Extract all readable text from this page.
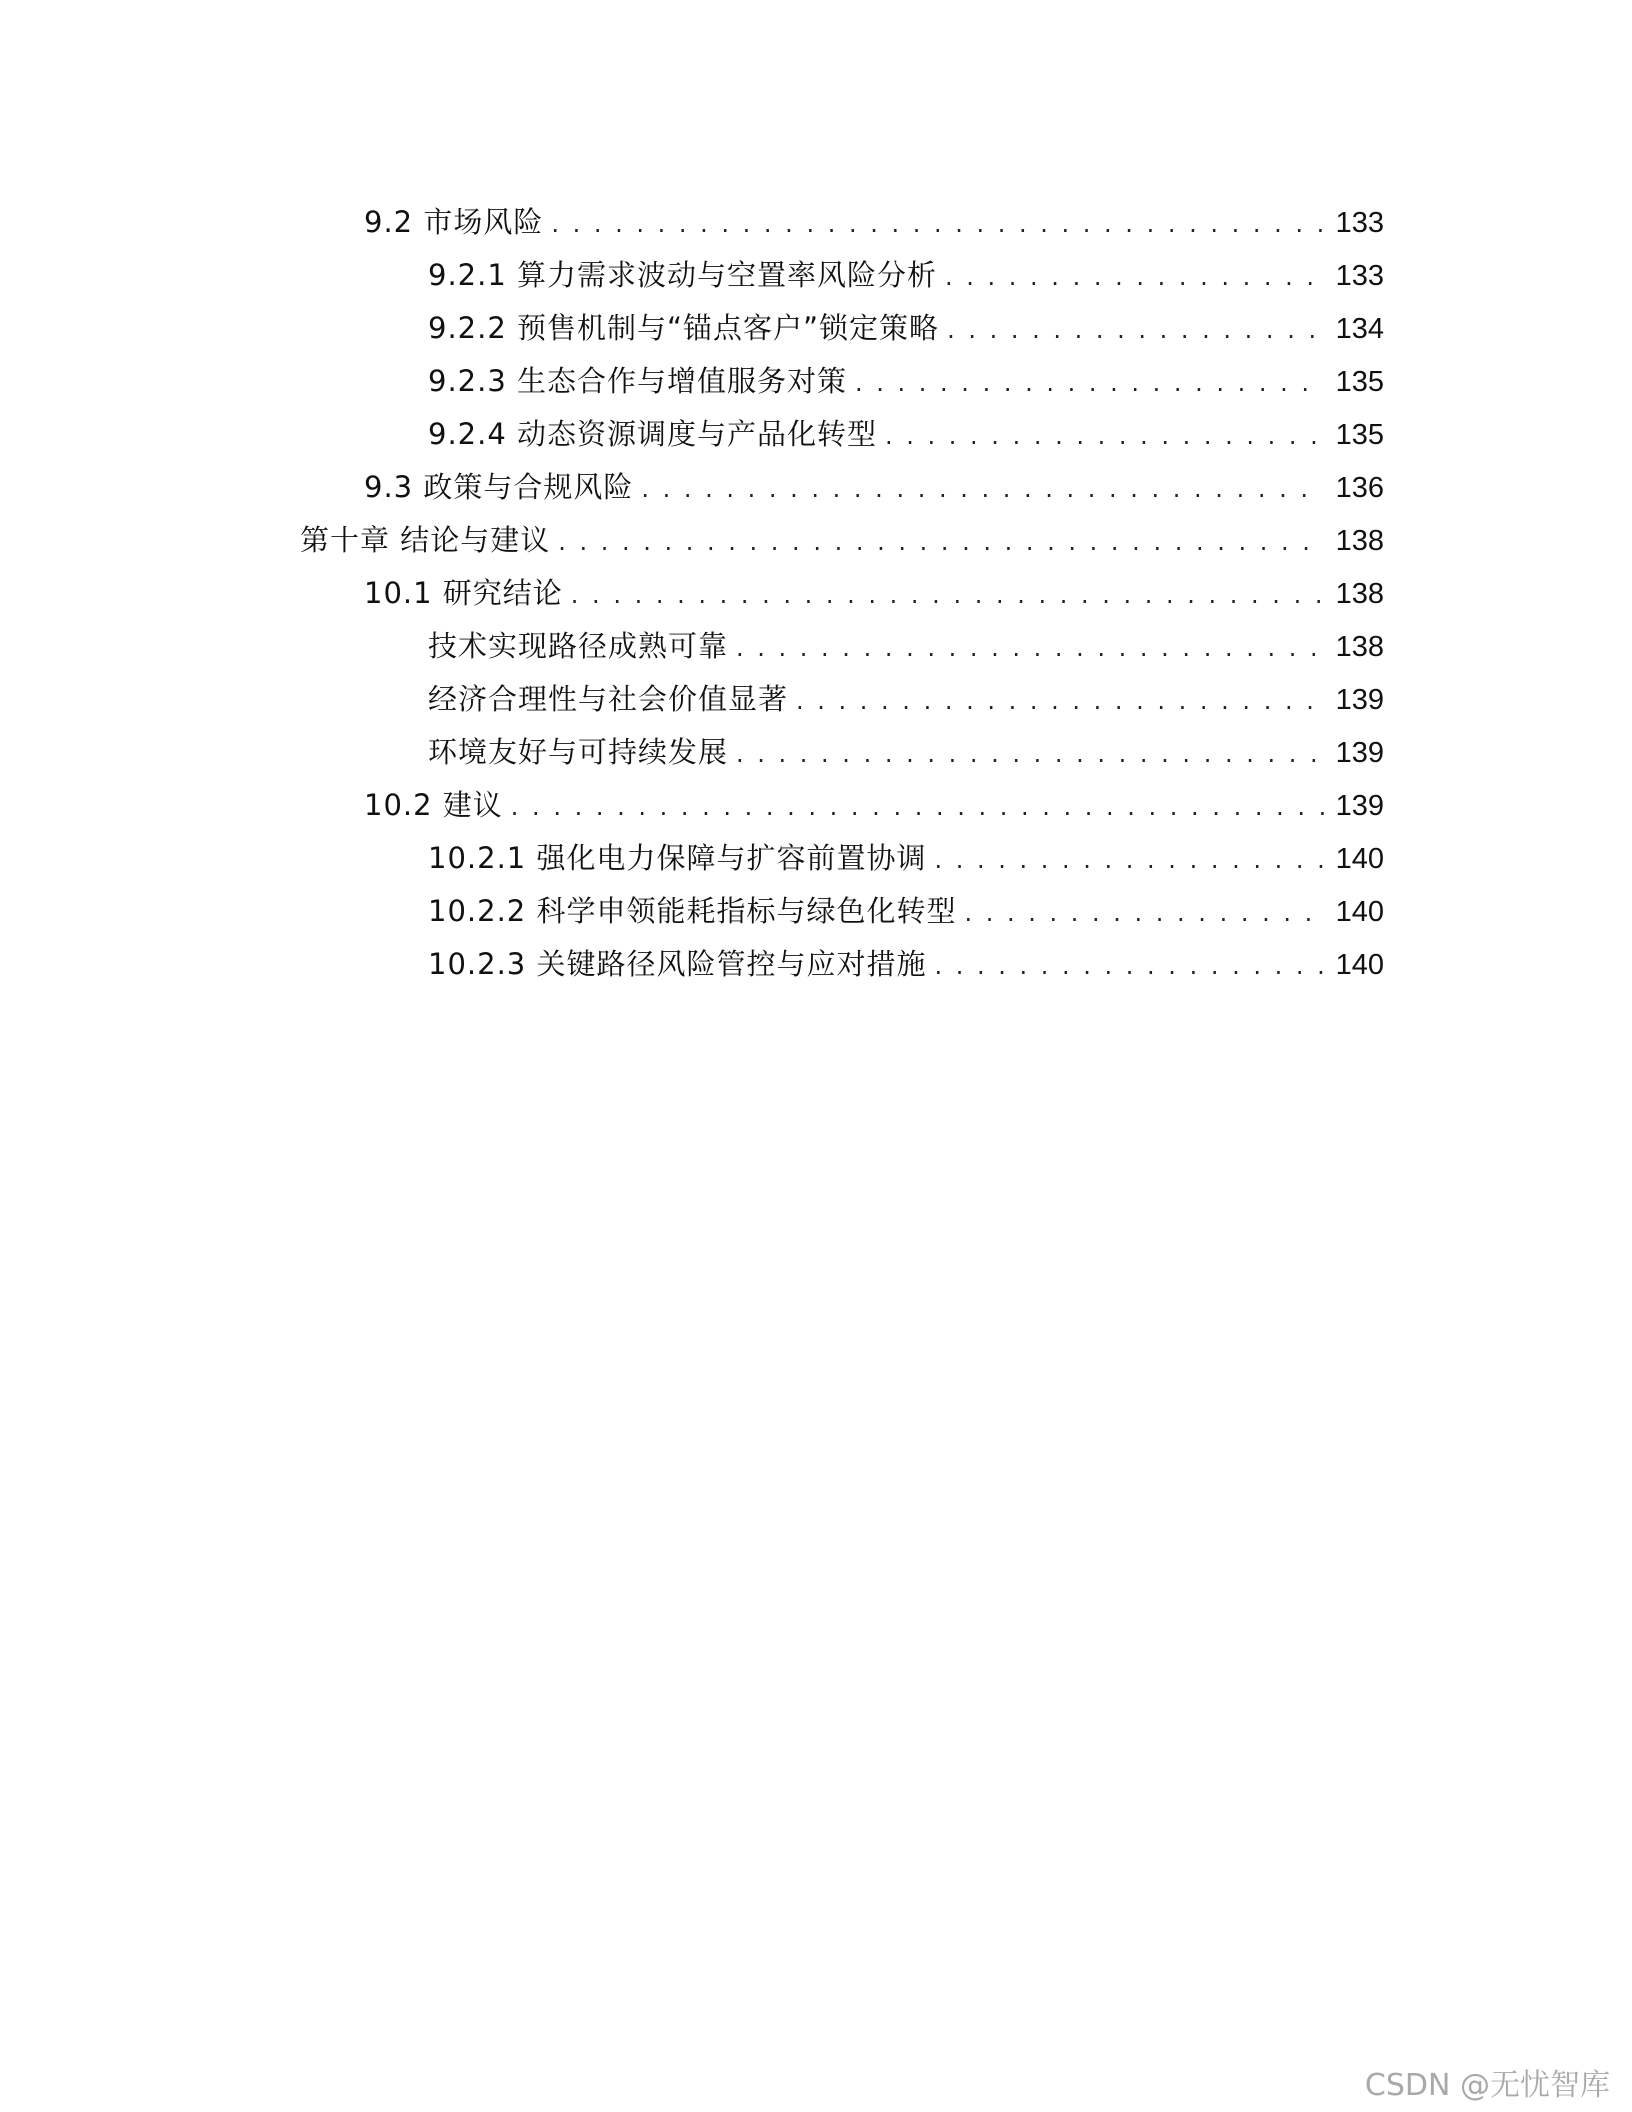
9.2 市场风险 . . .	133
9.2.1 算力需求波动与空置率风险分析 . . .	133
9.2.2 预售机制与“锚点客户”锁定策略 . . .	134
9.2.3 生态合作与增值服务对策 . . .	135
9.2.4 动态资源调度与产品化转型 . . .	135
9.3 政策与合规风险 . . .	136
第十章 结论与建议 . . .	138
10.1 研究结论 . . .	138
技术实现路径成熟可靠 . . .	138
经济合理性与社会价值显著 . . .	139
环境友好与可持续发展 . . .	139
10.2 建议 . . .	139
10.2.1 强化电力保障与扩容前置协调 . . .	140
10.2.2 科学申领能耗指标与绿色化转型 . . .	140
10.2.3 关键路径风险管控与应对措施 . . .	140
CSDN @无忧智库
